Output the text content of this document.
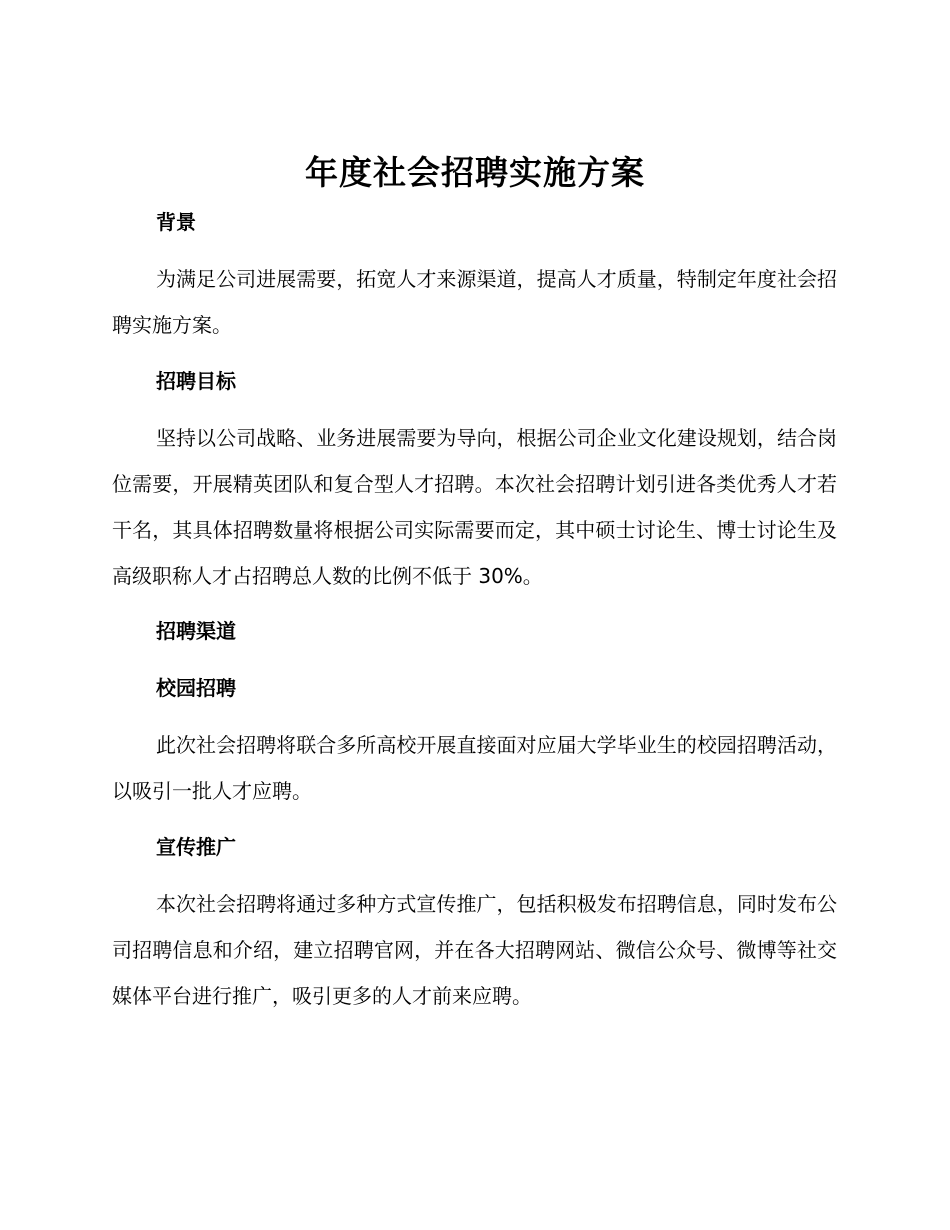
年度社会招聘实施方案
背景

为满足公司进展需要，拓宽人才来源渠道，提高人才质量，特制定年度社会招聘实施方案。

招聘目标

坚持以公司战略、业务进展需要为导向，根据公司企业文化建设规划，结合岗位需要，开展精英团队和复合型人才招聘。本次社会招聘计划引进各类优秀人才若干名，其具体招聘数量将根据公司实际需要而定，其中硕士讨论生、博士讨论生及高级职称人才占招聘总人数的比例不低于 30%。

招聘渠道
校园招聘

此次社会招聘将联合多所高校开展直接面对应届大学毕业生的校园招聘活动，以吸引一批人才应聘。

宣传推广

本次社会招聘将通过多种方式宣传推广，包括积极发布招聘信息，同时发布公司招聘信息和介绍，建立招聘官网，并在各大招聘网站、微信公众号、微博等社交媒体平台进行推广，吸引更多的人才前来应聘。
